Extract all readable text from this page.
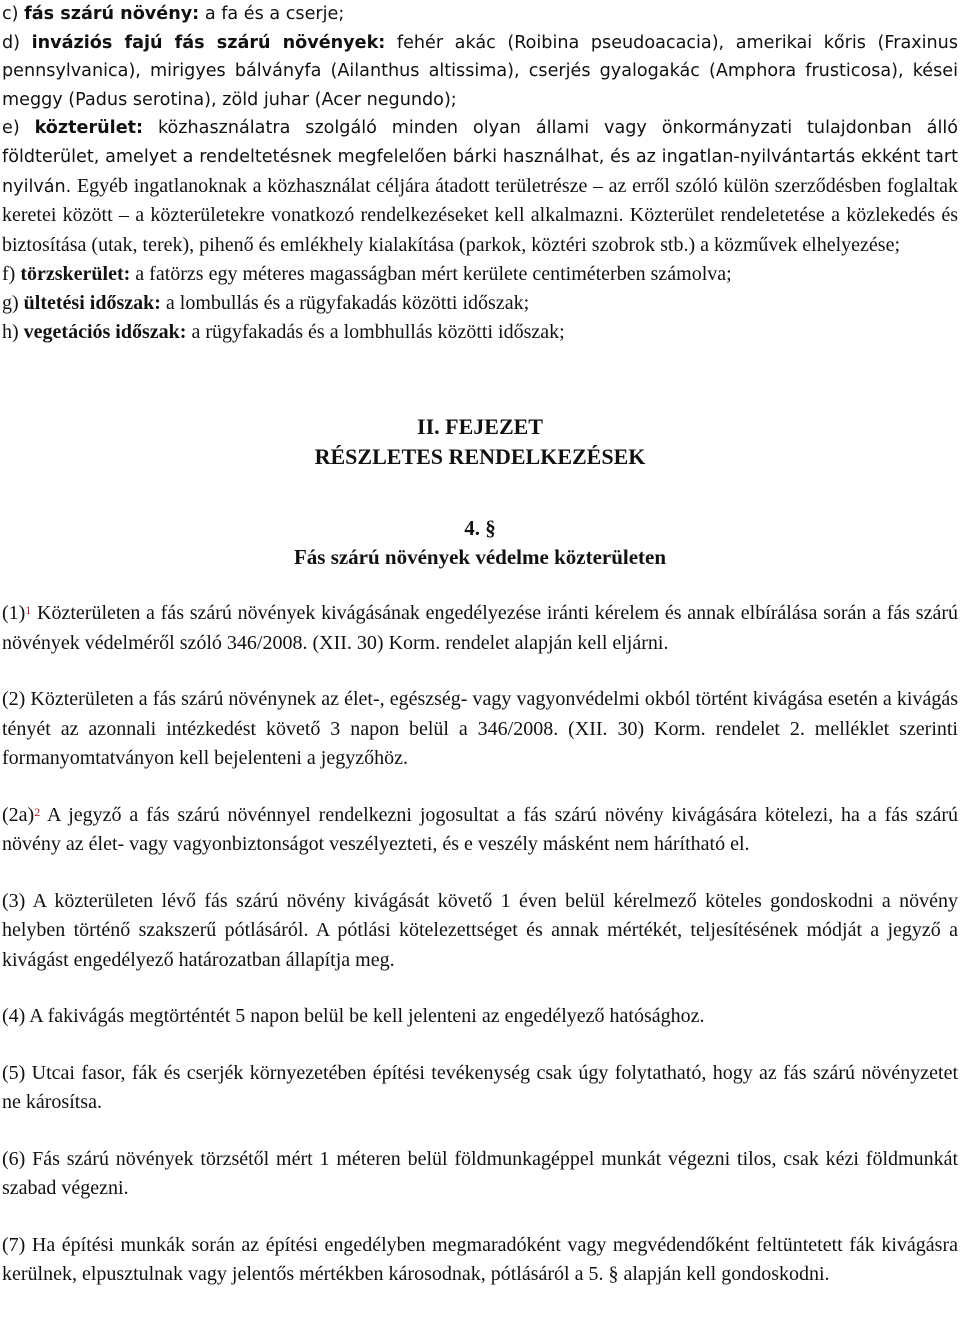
c) fás szárú növény: a fa és a cserje;

d) inváziós fajú fás szárú növények: fehér akác (Roibina pseudoacacia), amerikai kőris (Fraxinus pennsylvanica), mirigyes bálványfa (Ailanthus altissima), cserjés gyalogakác (Amphora frusticosa), kései meggy (Padus serotina), zöld juhar (Acer negundo);

e) közterület: közhasználatra szolgáló minden olyan állami vagy önkormányzati tulajdonban álló földterület, amelyet a rendeltetésnek megfelelően bárki használhat, és az ingatlan-nyilvántartás ekként tart nyilván. Egyéb ingatlanoknak a közhasználat céljára átadott területrésze – az erről szóló külön szerződésben foglaltak keretei között – a közterületekre vonatkozó rendelkezéseket kell alkalmazni. Közterület rendeletetése a közlekedés és biztosítása (utak, terek), pihenő és emlékhely kialakítása (parkok, köztéri szobrok stb.) a közművek elhelyezése;

f) törzskerület: a fatörzs egy méteres magasságban mért kerülete centiméterben számolva;

g) ültetési időszak: a lombullás és a rügyfakadás közötti időszak;

h) vegetációs időszak: a rügyfakadás és a lombhullás közötti időszak;

II. FEJEZET
RÉSZLETES RENDELKEZÉSEK
4. §
Fás szárú növények védelme közterületen

$(1)^1$ Közterületen a fás szárú növények kivágásának engedélyezése iránti kérelem és annak elbírálása során a fás szárú növények védelméről szóló 346/2008. (XII. 30) Korm. rendelet alapján kell eljárni.

(2) Közterületen a fás szárú növénynek az élet-, egészség- vagy vagyonvédelmi okból történt kivágása esetén a kivágás tényét az azonnali intézkedést követő 3 napon belül a 346/2008. (XII. 30) Korm. rendelet 2. melléklet szerinti formanyomtatványon kell bejelenteni a jegyzőhöz.

$(2a)^2$ A jegyző a fás szárú növénnyel rendelkezni jogosultat a fás szárú növény kivágására kötelezi, ha a fás szárú növény az élet- vagy vagyonbiztonságot veszélyezteti, és e veszély másként nem hárítható el.

(3) A közterületen lévő fás szárú növény kivágását követő 1 éven belül kérelmező köteles gondoskodni a növény helyben történő szakszerű pótlásáról. A pótlási kötelezettséget és annak mértékét, teljesítésének módját a jegyző a kivágást engedélyező határozatban állapítja meg.

(4) A fakivágás megtörténtét 5 napon belül be kell jelenteni az engedélyező hatósághoz.

(5) Utcai fasor, fák és cserjék környezetében építési tevékenység csak úgy folytatható, hogy az fás szárú növényzetet ne károsítsa.

(6) Fás szárú növények törzsétől mért 1 méteren belül földmunkagéppel munkát végezni tilos, csak kézi földmunkát szabad végezni.

(7) Ha építési munkák során az építési engedélyben megmaradóként vagy megvédendőként feltüntetett fák kivágásra kerülnek, elpusztulnak vagy jelentős mértékben károsodnak, pótlásáról a 5. § alapján kell gondoskodni.
